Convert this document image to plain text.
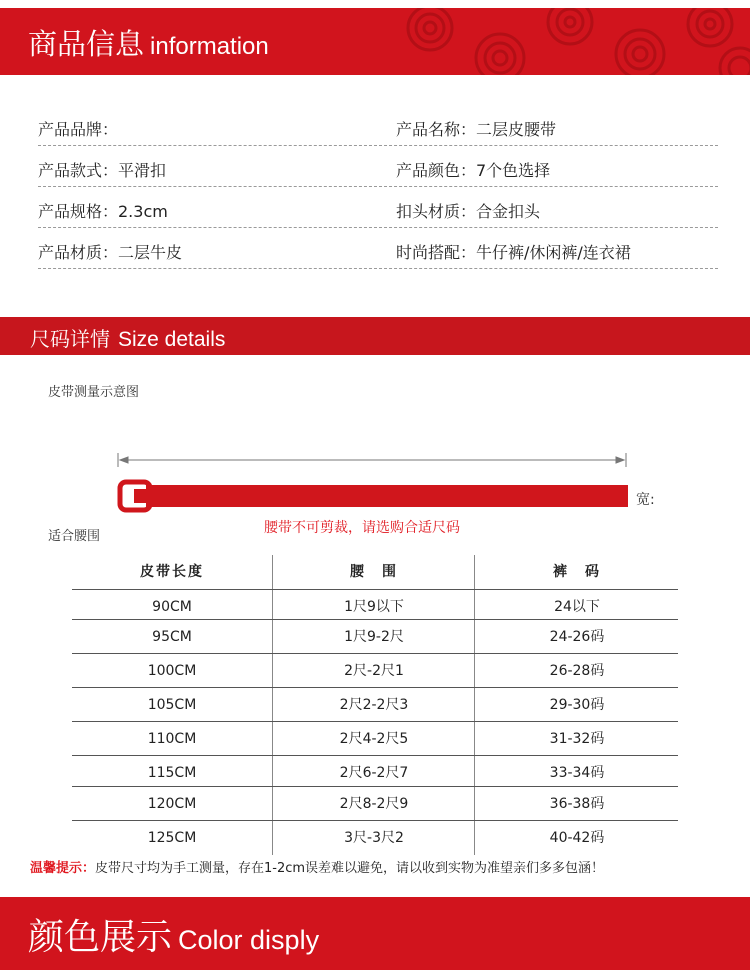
商品信息 information
产品品牌：	产品名称：二层皮腰带
产品款式：平滑扣	产品颜色：7个色选择
产品规格：2.3cm	扣头材质：合金扣头
产品材质：二层牛皮	时尚搭配：牛仔裤/休闲裤/连衣裙
尺码详情 Size details
皮带测量示意图
宽:
腰带不可剪裁，请选购合适尺码
适合腰围
皮带长度	腰　围	裤　码
90CM	1尺9以下	24以下
95CM	1尺9-2尺	24-26码
100CM	2尺-2尺1	26-28码
105CM	2尺2-2尺3	29-30码
110CM	2尺4-2尺5	31-32码
115CM	2尺6-2尺7	33-34码
120CM	2尺8-2尺9	36-38码
125CM	3尺-3尺2	40-42码
温馨提示：皮带尺寸均为手工测量，存在1-2cm误差难以避免，请以收到实物为准望亲们多多包涵！
颜色展示 Color disply
